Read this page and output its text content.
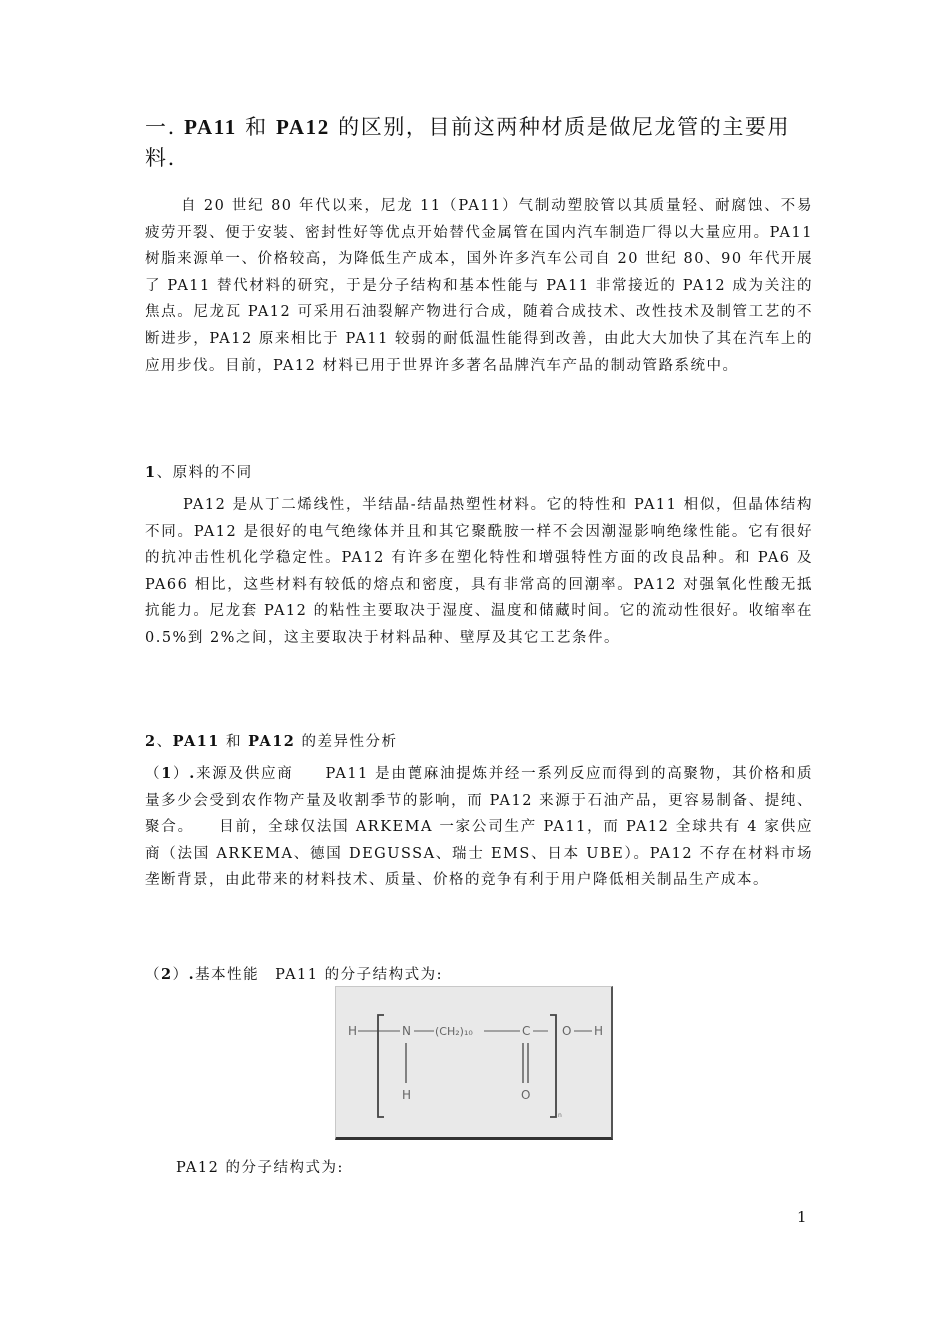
一. PA11 和 PA12 的区别，目前这两种材质是做尼龙管的主要用料.
自 20 世纪 80 年代以来，尼龙 11（PA11）气制动塑胶管以其质量轻、耐腐蚀、不易疲劳开裂、便于安装、密封性好等优点开始替代金属管在国内汽车制造厂得以大量应用。PA11 树脂来源单一、价格较高，为降低生产成本，国外许多汽车公司自 20 世纪 80、90 年代开展了 PA11 替代材料的研究，于是分子结构和基本性能与 PA11 非常接近的 PA12 成为关注的焦点。尼龙瓦 PA12 可采用石油裂解产物进行合成，随着合成技术、改性技术及制管工艺的不断进步，PA12 原来相比于 PA11 较弱的耐低温性能得到改善，由此大大加快了其在汽车上的应用步伐。目前，PA12 材料已用于世界许多著名品牌汽车产品的制动管路系统中。
1、原料的不同
PA12 是从丁二烯线性，半结晶-结晶热塑性材料。它的特性和 PA11 相似，但晶体结构不同。PA12 是很好的电气绝缘体并且和其它聚酰胺一样不会因潮湿影响绝缘性能。它有很好的抗冲击性机化学稳定性。PA12 有许多在塑化特性和增强特性方面的改良品种。和 PA6 及 PA66 相比，这些材料有较低的熔点和密度，具有非常高的回潮率。PA12 对强氧化性酸无抵抗能力。尼龙套 PA12 的粘性主要取决于湿度、温度和储藏时间。它的流动性很好。收缩率在 0.5%到 2%之间，这主要取决于材料品种、壁厚及其它工艺条件。
2、PA11 和 PA12 的差异性分析
（1）.来源及供应商   PA11 是由蓖麻油提炼并经一系列反应而得到的高聚物，其价格和质量多少会受到农作物产量及收割季节的影响，而 PA12 来源于石油产品，更容易制备、提纯、聚合。　　目前，全球仅法国 ARKEMA 一家公司生产 PA11，而 PA12 全球共有 4 家供应商（法国 ARKEMA、德国 DEGUSSA、瑞士 EMS、日本 UBE）。PA12 不存在材料市场垄断背景，由此带来的材料技术、质量、价格的竞争有利于用户降低相关制品生产成本。
（2）.基本性能  PA11 的分子结构式为:
H	N (CH₂)₁₀	C	O H
H	O
n
PA12 的分子结构式为:
1
